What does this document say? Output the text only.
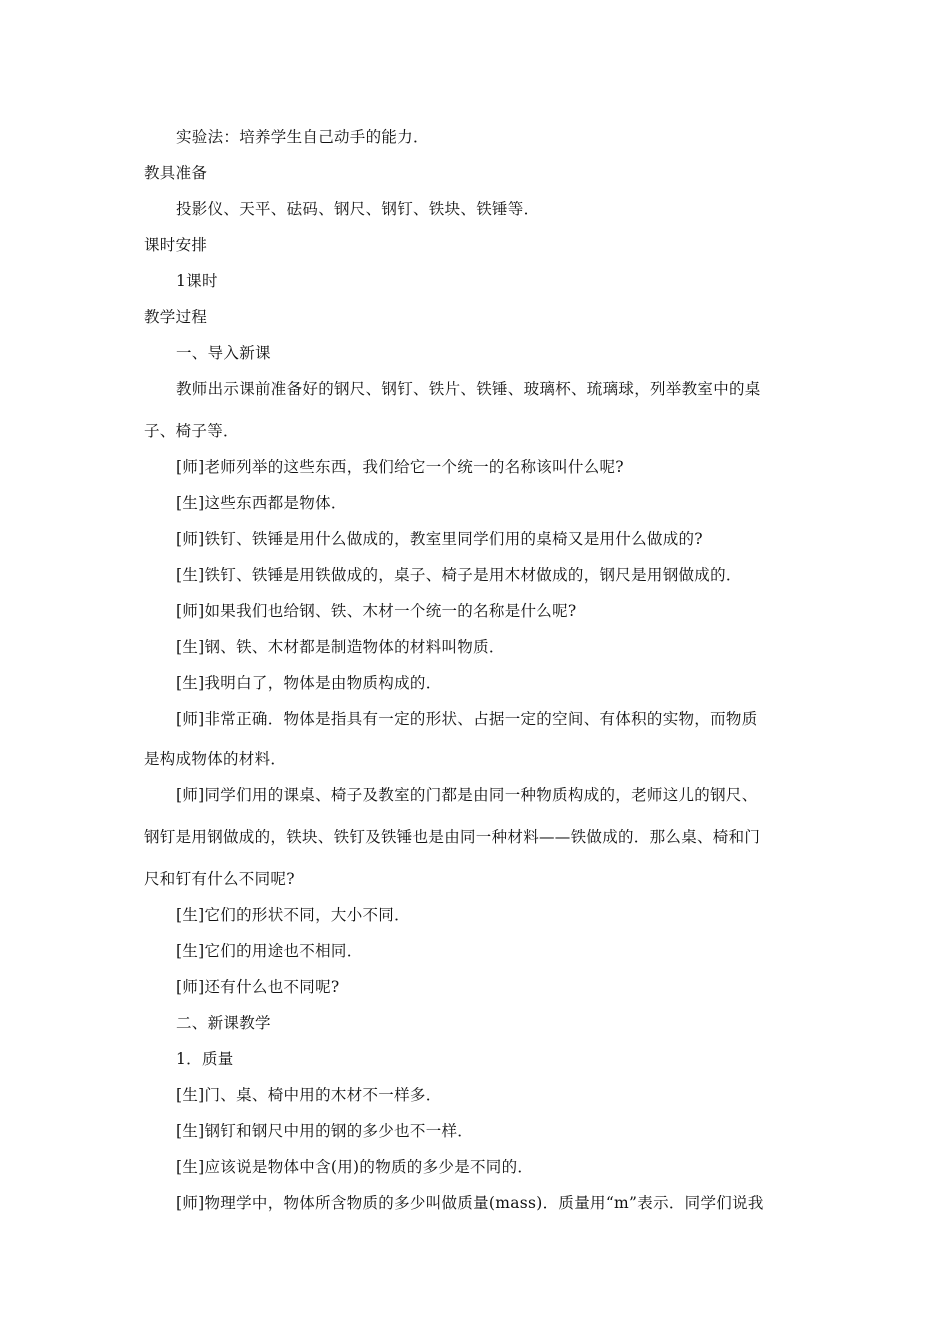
实验法：培养学生自己动手的能力．
教具准备
投影仪、天平、砝码、钢尺、钢钉、铁块、铁锤等．
课时安排
1课时
教学过程
一、导入新课
教师出示课前准备好的钢尺、钢钉、铁片、铁锤、玻璃杯、琉璃球，列举教室中的桌
子、椅子等．
[师]老师列举的这些东西，我们给它一个统一的名称该叫什么呢?
[生]这些东西都是物体．
[师]铁钉、铁锤是用什么做成的，教室里同学们用的桌椅又是用什么做成的?
[生]铁钉、铁锤是用铁做成的，桌子、椅子是用木材做成的，钢尺是用钢做成的．
[师]如果我们也给钢、铁、木材一个统一的名称是什么呢?
[生]钢、铁、木材都是制造物体的材料叫物质．
[生]我明白了，物体是由物质构成的．
[师]非常正确．物体是指具有一定的形状、占据一定的空间、有体积的实物，而物质
是构成物体的材料．
[师]同学们用的课桌、椅子及教室的门都是由同一种物质构成的，老师这儿的钢尺、
钢钉是用钢做成的，铁块、铁钉及铁锤也是由同一种材料——铁做成的．那么桌、椅和门
尺和钉有什么不同呢?
[生]它们的形状不同，大小不同．
[生]它们的用途也不相同．
[师]还有什么也不同呢?
二、新课教学
1．质量
[生]门、桌、椅中用的木材不一样多．
[生]钢钉和钢尺中用的钢的多少也不一样．
[生]应该说是物体中含(用)的物质的多少是不同的．
[师]物理学中，物体所含物质的多少叫做质量(mass)．质量用“m”表示．同学们说我
